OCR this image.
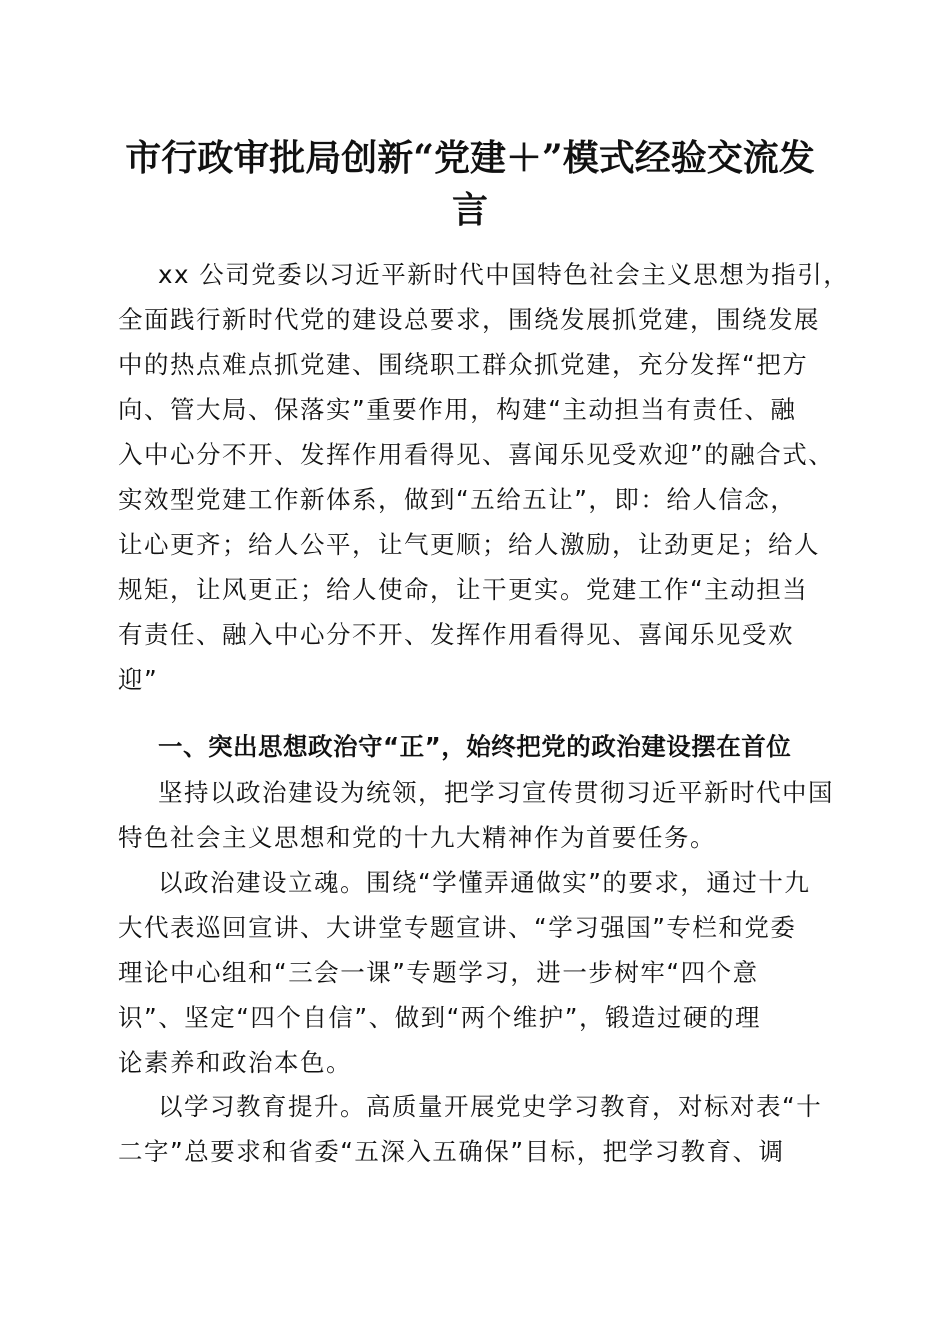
市行政审批局创新“党建＋”模式经验交流发
言
xx 公司党委以习近平新时代中国特色社会主义思想为指引，
全面践行新时代党的建设总要求，围绕发展抓党建，围绕发展
中的热点难点抓党建、围绕职工群众抓党建，充分发挥“把方
向、管大局、保落实”重要作用，构建“主动担当有责任、融
入中心分不开、发挥作用看得见、喜闻乐见受欢迎”的融合式、
实效型党建工作新体系，做到“五给五让”，即：给人信念，
让心更齐；给人公平，让气更顺；给人激励，让劲更足；给人
规矩，让风更正；给人使命，让干更实。党建工作“主动担当
有责任、融入中心分不开、发挥作用看得见、喜闻乐见受欢
迎”
一、突出思想政治守“正”，始终把党的政治建设摆在首位
坚持以政治建设为统领，把学习宣传贯彻习近平新时代中国
特色社会主义思想和党的十九大精神作为首要任务。
以政治建设立魂。围绕“学懂弄通做实”的要求，通过十九
大代表巡回宣讲、大讲堂专题宣讲、“学习强国”专栏和党委
理论中心组和“三会一课”专题学习，进一步树牢“四个意
识”、坚定“四个自信”、做到“两个维护”，锻造过硬的理
论素养和政治本色。
以学习教育提升。高质量开展党史学习教育，对标对表“十
二字”总要求和省委“五深入五确保”目标，把学习教育、调
